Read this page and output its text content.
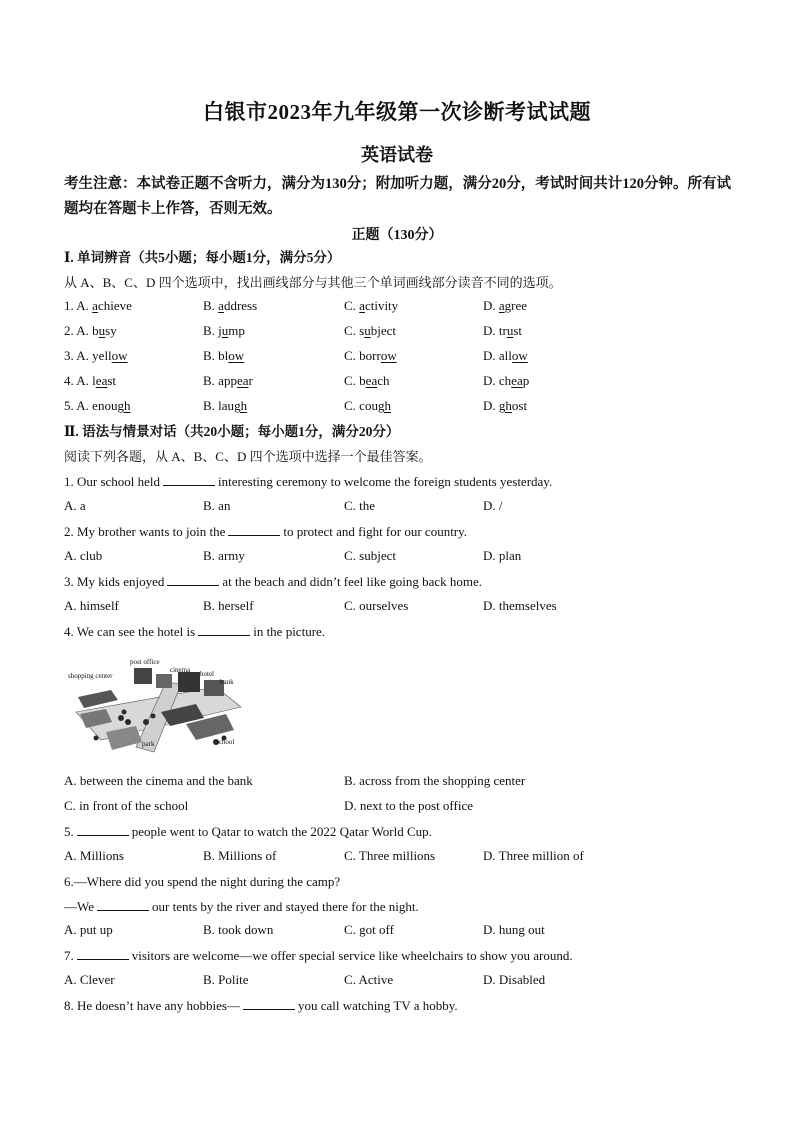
白银市2023年九年级第一次诊断考试试题
英语试卷
考生注意：本试卷正题不含听力，满分为130分；附加听力题，满分20分，考试时间共计120分钟。所有试题均在答题卡上作答，否则无效。
正题（130分）
Ⅰ. 单词辨音（共5小题；每小题1分，满分5分）
从 A、B、C、D 四个选项中，找出画线部分与其他三个单词画线部分读音不同的选项。
1. A. achieve	B. address	C. activity	D. agree
2. A. busy	B. jump	C. subject	D. trust
3. A. yellow	B. blow	C. borrow	D. allow
4. A. least	B. appear	C. beach	D. cheap
5. A. enough	B. laugh	C. cough	D. ghost
Ⅱ. 语法与情景对话（共20小题；每小题1分，满分20分）
阅读下列各题，从 A、B、C、D 四个选项中选择一个最佳答案。
1. Our school held	interesting ceremony to welcome the foreign students yesterday.
A. a	B. an	C. the	D. /
2. My brother wants to join the	to protect and fight for our country.
A. club	B. army	C. subject	D. plan
3. My kids enjoyed	at the beach and didn’t feel like going back home.
A. himself	B. herself	C. ourselves	D. themselves
4. We can see the hotel is	in the picture.
shopping center
post office
cinema hotel
bank
park	school
A. between the cinema and the bank	B. across from the shopping center
C. in front of the school	D. next to the post office
5.	people went to Qatar to watch the 2022 Qatar World Cup.
A. Millions	B. Millions of	C. Three millions	D. Three million of
6.—Where did you spend the night during the camp?
—We	our tents by the river and stayed there for the night.
A. put up	B. took down	C. got off	D. hung out
7.	visitors are welcome—we offer special service like wheelchairs to show you around.
A. Clever	B. Polite	C. Active	D. Disabled
8. He doesn’t have any hobbies—	you call watching TV a hobby.
